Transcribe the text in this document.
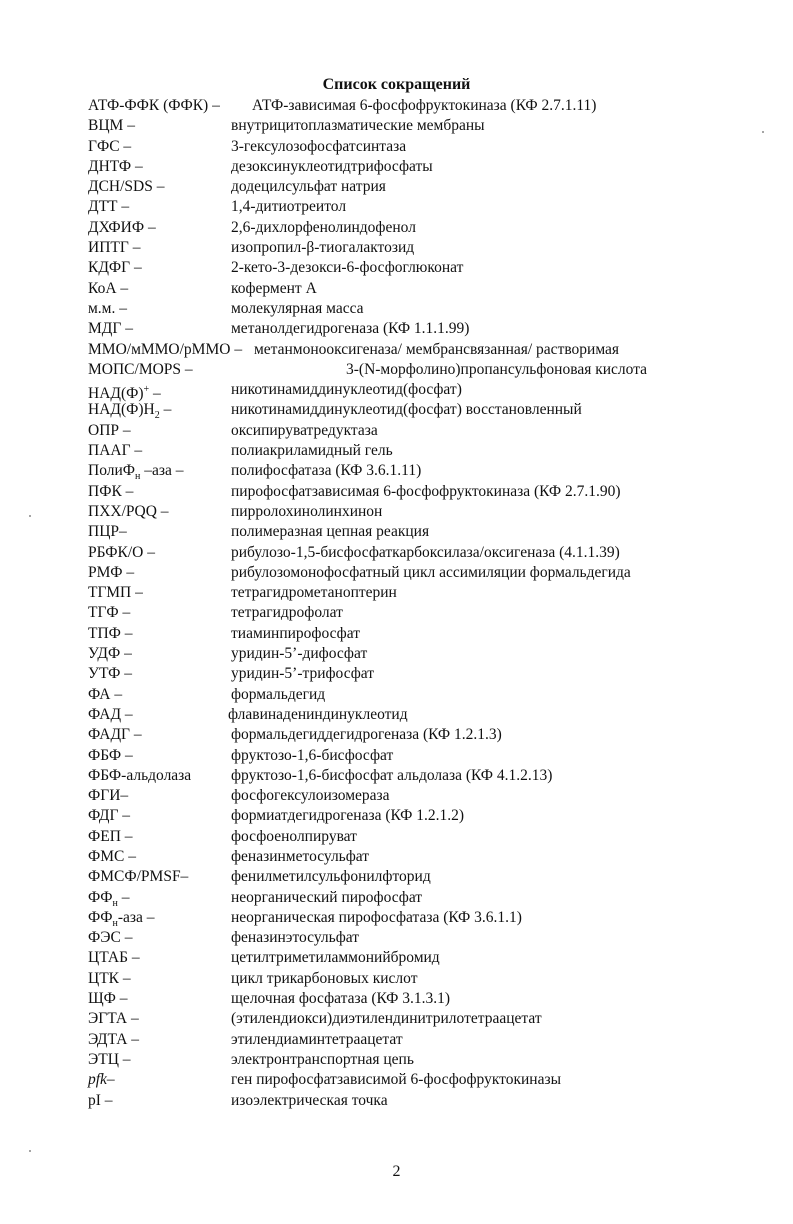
Список сокращений
АТФ-ФФК (ФФК) – АТФ-зависимая 6-фосфофруктокиназа (КФ 2.7.1.11)
ВЦМ –	внутрицитоплазматические мембраны
ГФС –	3-гексулозофосфатсинтаза
ДНТФ –	дезоксинуклеотидтрифосфаты
ДСН/SDS –	додецилсульфат натрия
ДТТ –	1,4-дитиотреитол
ДХФИФ –	2,6-дихлорфенолиндофенол
ИПТГ –	изопропил-β-тиогалактозид
КДФГ –	2-кето-3-дезокси-6-фосфоглюконат
КоА –	кофермент А
м.м. –	молекулярная масса
МДГ –	метанолдегидрогеназа (КФ 1.1.1.99)
ММО/мММО/рММО – метанмонооксигеназа/ мембрансвязанная/ растворимая
МОПС/MOPS –	3-(N-морфолино)пропансульфоновая кислота
НАД(Ф)+ –	никотинамиддинуклеотид(фосфат)
$НАД(Ф)Н_2$ –	никотинамиддинуклеотид(фосфат) восстановленный
ОПР –	оксипируватредуктаза
ПААГ –	полиакриламидный гель
ПолиФ$_н$ –аза –	полифосфатаза (КФ 3.6.1.11)
ПФК –	пирофосфатзависимая 6-фосфофруктокиназа (КФ 2.7.1.90)
ПХХ/PQQ –	пирролохинолинхинон
ПЦР–	полимеразная цепная реакция
РБФК/О –	рибулозо-1,5-бисфосфаткарбоксилаза/оксигеназа (4.1.1.39)
РМФ –	рибулозомонофосфатный цикл ассимиляции формальдегида
ТГМП –	тетрагидрометаноптерин
ТГФ –	тетрагидрофолат
ТПФ –	тиаминпирофосфат
УДФ –	уридин-5’-дифосфат
УТФ –	уридин-5’-трифосфат
ФА –	формальдегид
ФАД –	флавинадениндинуклеотид
ФАДГ –	формальдегиддегидрогеназа (КФ 1.2.1.3)
ФБФ –	фруктозо-1,6-бисфосфат
ФБФ-альдолаза	фруктозо-1,6-бисфосфат альдолаза (КФ 4.1.2.13)
ФГИ–	фосфогексулоизомераза
ФДГ –	формиатдегидрогеназа (КФ 1.2.1.2)
ФЕП –	фосфоенолпируват
ФМС –	феназинметосульфат
ФМСФ/PMSF–	фенилметилсульфонилфторид
$ФФ_н$ –	неорганический пирофосфат
$ФФ_н$-аза –	неорганическая пирофосфатаза (КФ 3.6.1.1)
ФЭС –	феназинэтосульфат
ЦТАБ –	цетилтриметиламмонийбромид
ЦТК –	цикл трикарбоновых кислот
ЩФ –	щелочная фосфатаза (КФ 3.1.3.1)
ЭГТА –	(этилендиокси)диэтилендинитрилотетраацетат
ЭДТА –	этилендиаминтетраацетат
ЭТЦ –	электронтранспортная цепь
pfk–	ген пирофосфатзависимой 6-фосфофруктокиназы
pI –	изоэлектрическая точка
2
